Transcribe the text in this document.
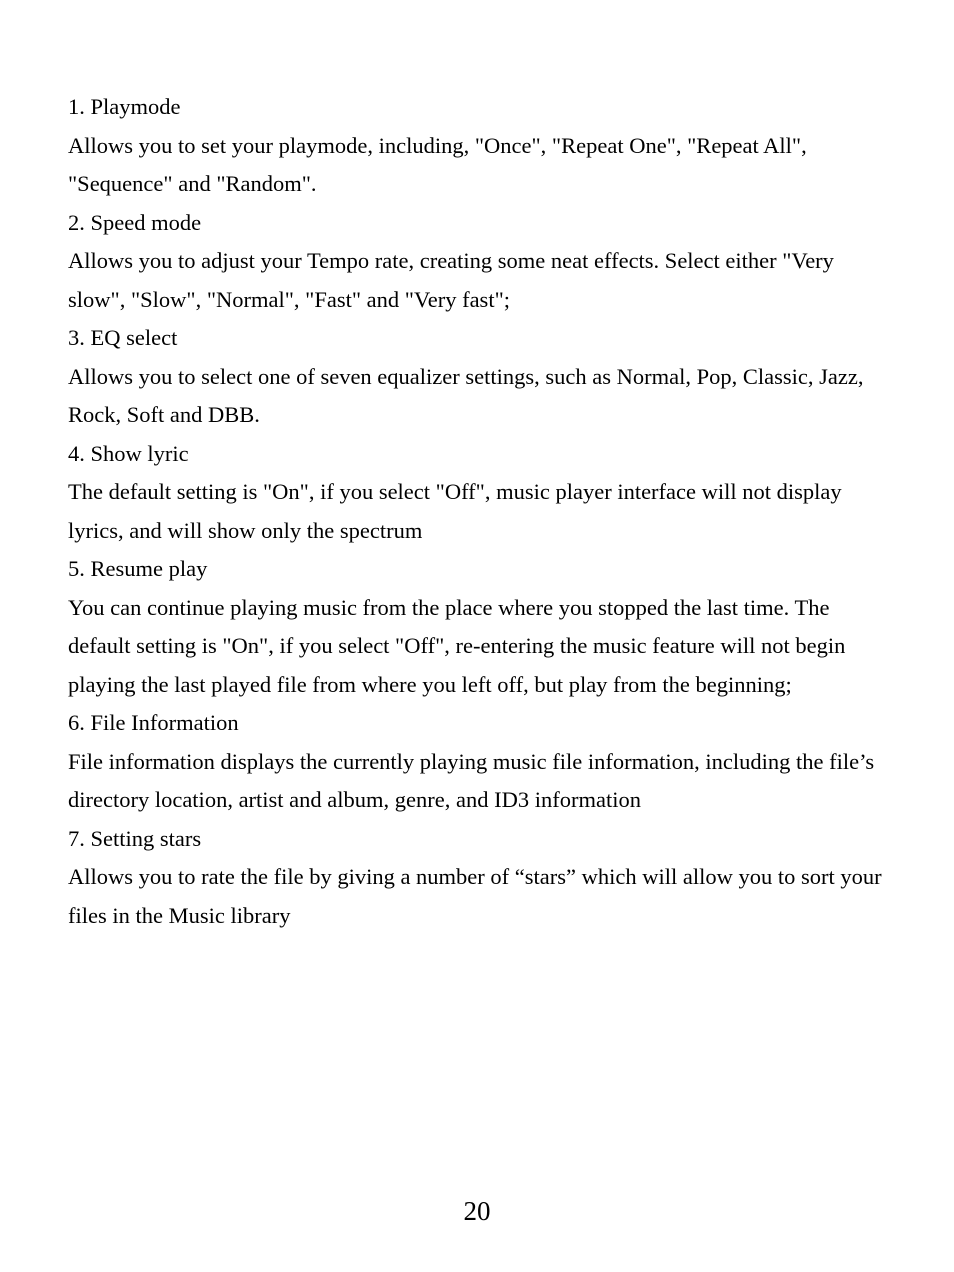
1. Playmode

Allows you to set your playmode, including, "Once", "Repeat One", "Repeat All", "Sequence" and "Random".

2. Speed mode

Allows you to adjust your Tempo rate, creating some neat effects. Select either "Very slow", "Slow", "Normal", "Fast" and "Very fast";

3. EQ select

Allows you to select one of seven equalizer settings, such as Normal, Pop, Classic, Jazz, Rock, Soft and DBB.

4. Show lyric

The default setting is "On", if you select "Off", music player interface will not display lyrics, and will show only the spectrum

5. Resume play

You can continue playing music from the place where you stopped the last time. The default setting is "On", if you select "Off", re-entering the music feature will not begin playing the last played file from where you left off, but play from the beginning;

6. File Information

File information displays the currently playing music file information, including the file’s directory location, artist and album, genre, and ID3 information

7. Setting stars

Allows you to rate the file by giving a number of “stars” which will allow you to sort your files in the Music library

20
